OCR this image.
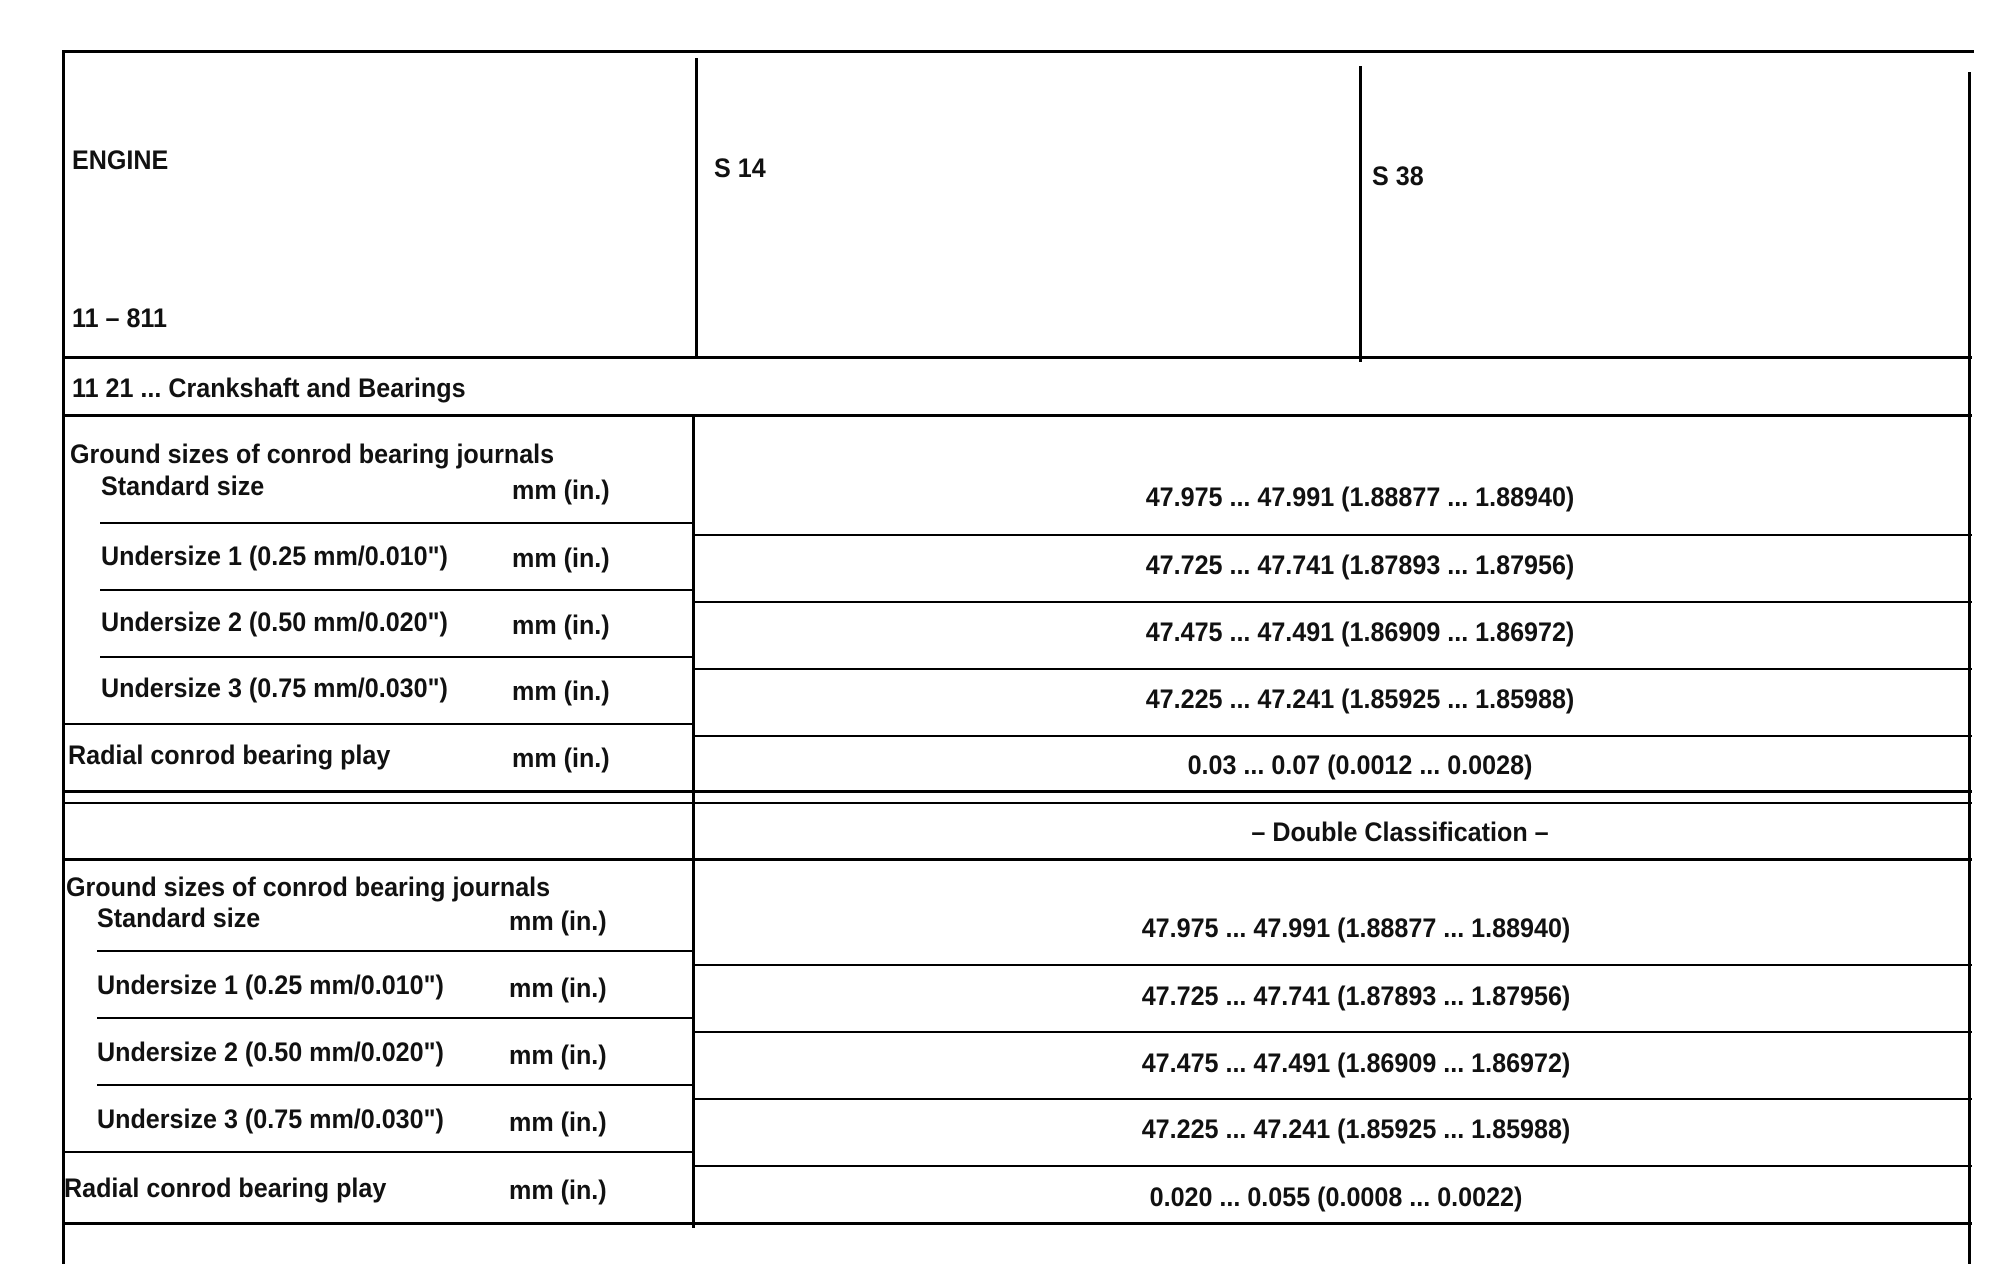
ENGINE
11 – 811
S 14	S 38
11 21 ... Crankshaft and Bearings
Ground sizes of conrod bearing journals
Standard size	mm (in.)	47.975 ... 47.991 (1.88877 ... 1.88940)
Undersize 1 (0.25 mm/0.010") mm (in.)	47.725 ... 47.741 (1.87893 ... 1.87956)
Undersize 2 (0.50 mm/0.020") mm (in.)	47.475 ... 47.491 (1.86909 ... 1.86972)
Undersize 3 (0.75 mm/0.030") mm (in.)	47.225 ... 47.241 (1.85925 ... 1.85988)
Radial conrod bearing play	mm (in.)	0.03 ... 0.07 (0.0012 ... 0.0028)
– Double Classification –
Ground sizes of conrod bearing journals
Standard size	mm (in.)	47.975 ... 47.991 (1.88877 ... 1.88940)
Undersize 1 (0.25 mm/0.010") mm (in.)	47.725 ... 47.741 (1.87893 ... 1.87956)
Undersize 2 (0.50 mm/0.020") mm (in.)	47.475 ... 47.491 (1.86909 ... 1.86972)
Undersize 3 (0.75 mm/0.030") mm (in.)	47.225 ... 47.241 (1.85925 ... 1.85988)
Radial conrod bearing play	mm (in.)	0.020 ... 0.055 (0.0008 ... 0.0022)
